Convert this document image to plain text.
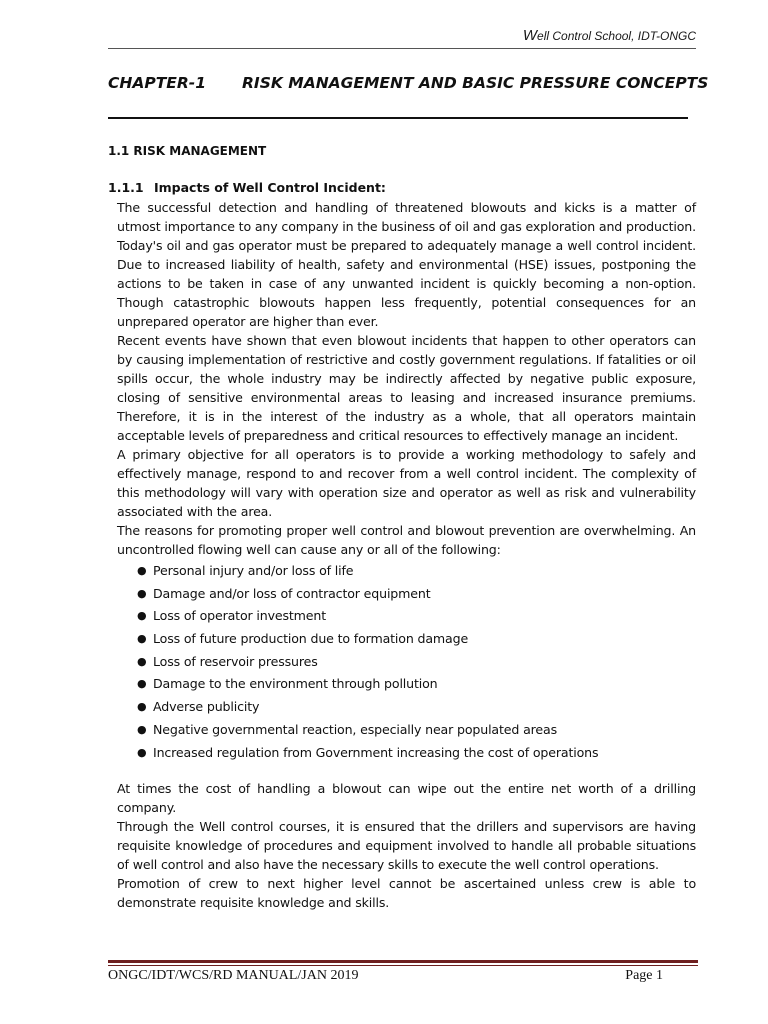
Well Control School, IDT-ONGC
CHAPTER-1 RISK MANAGEMENT AND BASIC PRESSURE CONCEPTS
1.1 RISK MANAGEMENT
1.1.1 Impacts of Well Control Incident:

The successful detection and handling of threatened blowouts and kicks is a matter of utmost importance to any company in the business of oil and gas exploration and production. Today's oil and gas operator must be prepared to adequately manage a well control incident. Due to increased liability of health, safety and environmental (HSE) issues, postponing the actions to be taken in case of any unwanted incident is quickly becoming a non-option. Though catastrophic blowouts happen less frequently, potential consequences for an unprepared operator are higher than ever.

Recent events have shown that even blowout incidents that happen to other operators can by causing implementation of restrictive and costly government regulations. If fatalities or oil spills occur, the whole industry may be indirectly affected by negative public exposure, closing of sensitive environmental areas to leasing and increased insurance premiums. Therefore, it is in the interest of the industry as a whole, that all operators maintain acceptable levels of preparedness and critical resources to effectively manage an incident.

A primary objective for all operators is to provide a working methodology to safely and effectively manage, respond to and recover from a well control incident. The complexity of this methodology will vary with operation size and operator as well as risk and vulnerability associated with the area.

The reasons for promoting proper well control and blowout prevention are overwhelming. An uncontrolled flowing well can cause any or all of the following:

● Personal injury and/or loss of life
● Damage and/or loss of contractor equipment
● Loss of operator investment
● Loss of future production due to formation damage
● Loss of reservoir pressures
● Damage to the environment through pollution
● Adverse publicity
● Negative governmental reaction, especially near populated areas
● Increased regulation from Government increasing the cost of operations

At times the cost of handling a blowout can wipe out the entire net worth of a drilling company.

Through the Well control courses, it is ensured that the drillers and supervisors are having requisite knowledge of procedures and equipment involved to handle all probable situations of well control and also have the necessary skills to execute the well control operations.

Promotion of crew to next higher level cannot be ascertained unless crew is able to demonstrate requisite knowledge and skills.

ONGC/IDT/WCS/RD MANUAL/JAN 2019	Page 1
